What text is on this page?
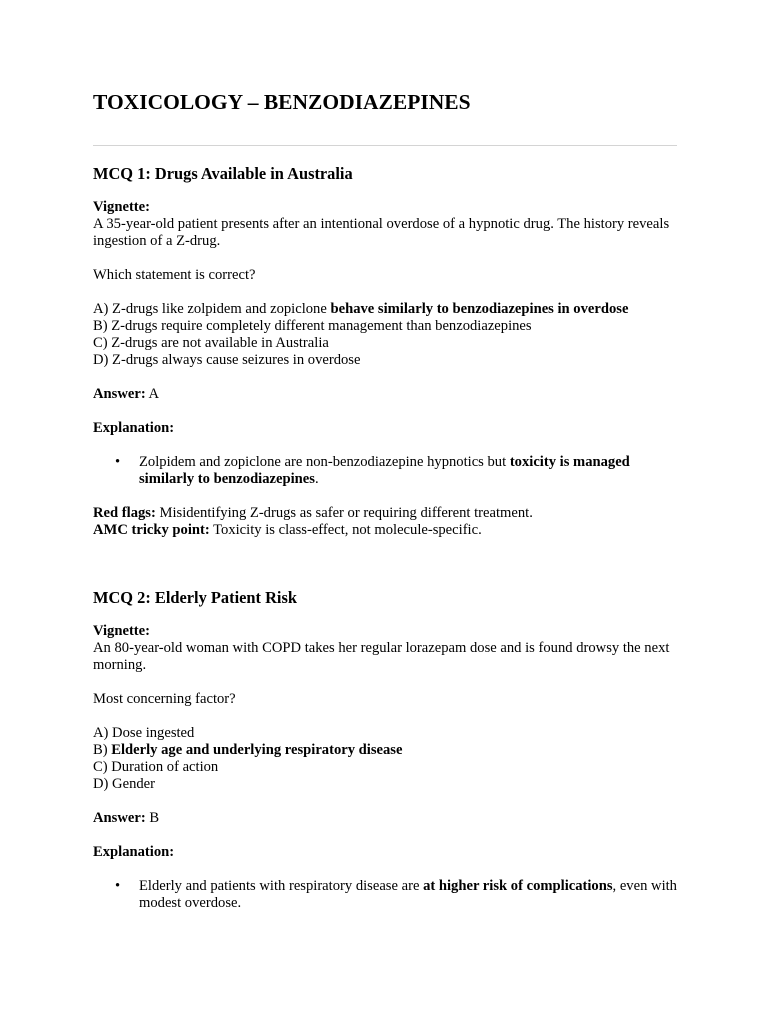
TOXICOLOGY – BENZODIAZEPINES
MCQ 1: Drugs Available in Australia

Vignette:
A 35-year-old patient presents after an intentional overdose of a hypnotic drug. The history reveals ingestion of a Z-drug.

Which statement is correct?

A) Z-drugs like zolpidem and zopiclone behave similarly to benzodiazepines in overdose
B) Z-drugs require completely different management than benzodiazepines
C) Z-drugs are not available in Australia
D) Z-drugs always cause seizures in overdose

Answer: A

Explanation:

• Zolpidem and zopiclone are non-benzodiazepine hypnotics but toxicity is managed similarly to benzodiazepines.

Red flags: Misidentifying Z-drugs as safer or requiring different treatment.
AMC tricky point: Toxicity is class-effect, not molecule-specific.

MCQ 2: Elderly Patient Risk

Vignette:
An 80-year-old woman with COPD takes her regular lorazepam dose and is found drowsy the next morning.

Most concerning factor?

A) Dose ingested
B) Elderly age and underlying respiratory disease
C) Duration of action
D) Gender

Answer: B

Explanation:

• Elderly and patients with respiratory disease are at higher risk of complications, even with modest overdose.
